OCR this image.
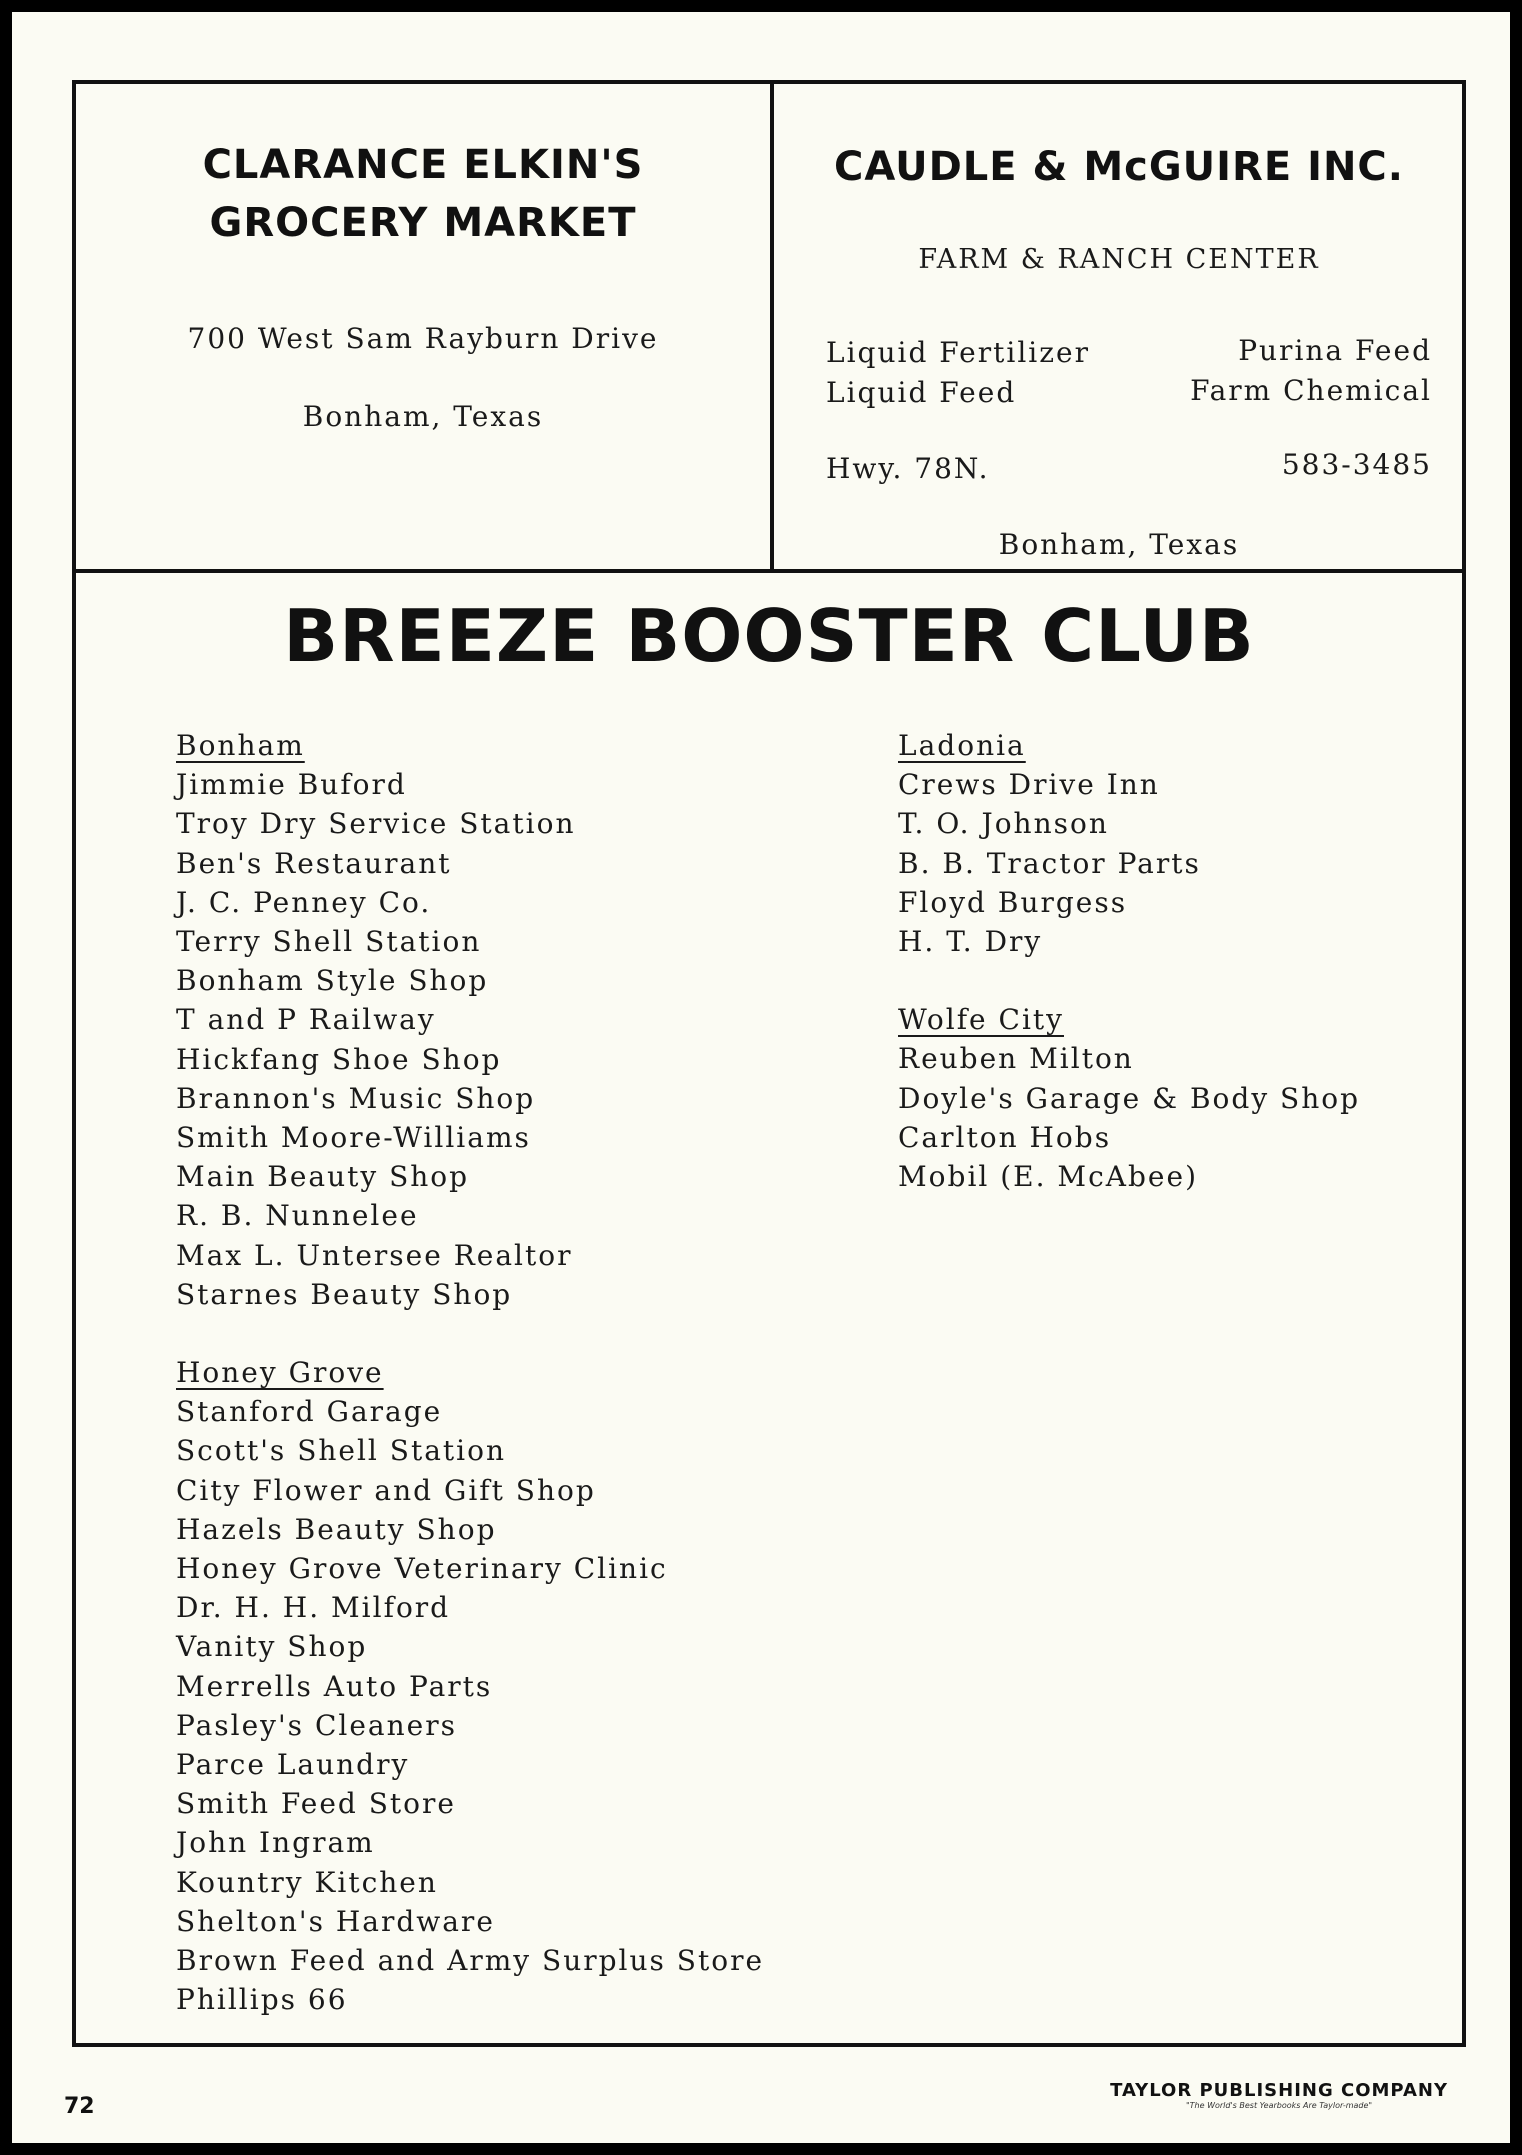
CLARANCE ELKIN'S
GROCERY MARKET
700 West Sam Rayburn Drive
Bonham, Texas
CAUDLE & McGUIRE INC.
FARM & RANCH CENTER
Liquid Fertilizer	Purina Feed
Liquid Feed	Farm Chemical
Hwy. 78N.	583-3485
Bonham, Texas
BREEZE BOOSTER CLUB
Bonham
Jimmie Buford
Troy Dry Service Station
Ben's Restaurant
J. C. Penney Co.
Terry Shell Station
Bonham Style Shop
T and P Railway
Hickfang Shoe Shop
Brannon's Music Shop
Smith Moore-Williams
Main Beauty Shop
R. B. Nunnelee
Max L. Untersee Realtor
Starnes Beauty Shop
Honey Grove
Stanford Garage
Scott's Shell Station
City Flower and Gift Shop
Hazels Beauty Shop
Honey Grove Veterinary Clinic
Dr. H. H. Milford
Vanity Shop
Merrells Auto Parts
Pasley's Cleaners
Parce Laundry
Smith Feed Store
John Ingram
Kountry Kitchen
Shelton's Hardware
Brown Feed and Army Surplus Store
Phillips 66
Ladonia
Crews Drive Inn
T. O. Johnson
B. B. Tractor Parts
Floyd Burgess
H. T. Dry
Wolfe City
Reuben Milton
Doyle's Garage & Body Shop
Carlton Hobs
Mobil (E. McAbee)
72
TAYLOR PUBLISHING COMPANY
"The World's Best Yearbooks Are Taylor-made"
